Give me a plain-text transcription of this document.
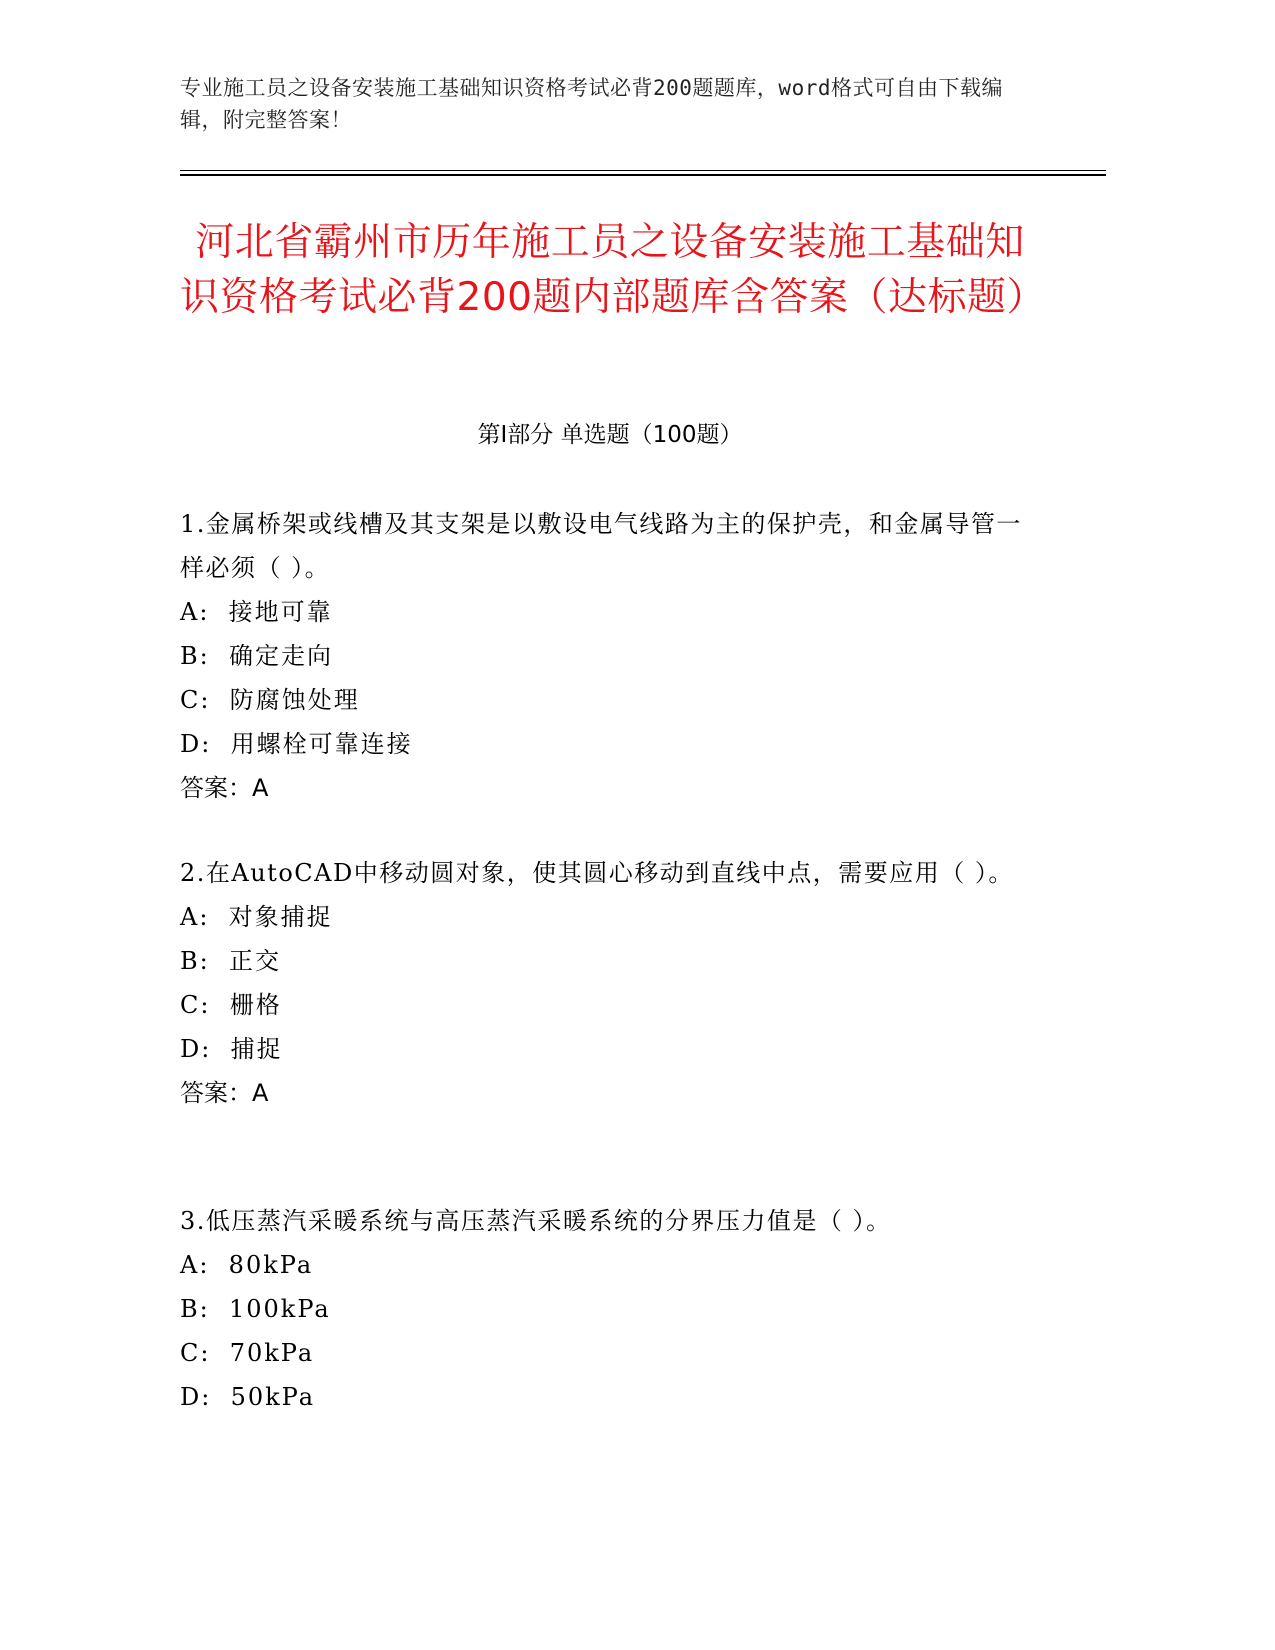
专业施工员之设备安装施工基础知识资格考试必背200题题库，word格式可自由下载编辑，附完整答案！
河北省霸州市历年施工员之设备安装施工基础知识资格考试必背200题内部题库含答案（达标题）
第Ⅰ部分 单选题（100题）

1.金属桥架或线槽及其支架是以敷设电气线路为主的保护壳，和金属导管一样必须（ ）。

A:  接地可靠

B:  确定走向

C:  防腐蚀处理

D:  用螺栓可靠连接

答案：A

2.在AutoCAD中移动圆对象，使其圆心移动到直线中点，需要应用（ ）。

A:  对象捕捉

B:  正交

C:  栅格

D:  捕捉

答案：A

3.低压蒸汽采暖系统与高压蒸汽采暖系统的分界压力值是（ ）。

A:  80kPa

B:  100kPa

C:  70kPa

D:  50kPa
